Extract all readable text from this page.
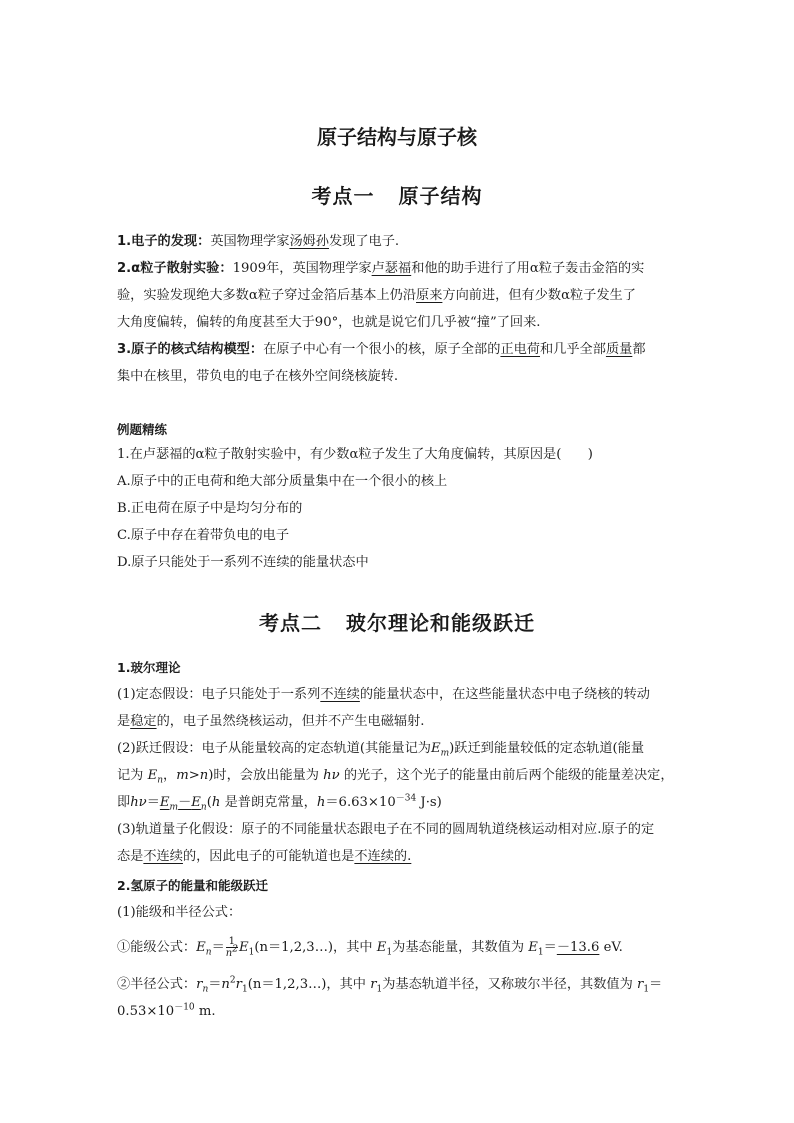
原子结构与原子核
考点一 原子结构
1.电子的发现：英国物理学家汤姆孙发现了电子.
2.α粒子散射实验：1909年，英国物理学家卢瑟福和他的助手进行了用α粒子轰击金箔的实
验，实验发现绝大多数α粒子穿过金箔后基本上仍沿原来方向前进，但有少数α粒子发生了
大角度偏转，偏转的角度甚至大于90°，也就是说它们几乎被“撞”了回来.
3.原子的核式结构模型：在原子中心有一个很小的核，原子全部的正电荷和几乎全部质量都
集中在核里，带负电的电子在核外空间绕核旋转.
例题精练
1.在卢瑟福的α粒子散射实验中，有少数α粒子发生了大角度偏转，其原因是(　　)
A.原子中的正电荷和绝大部分质量集中在一个很小的核上
B.正电荷在原子中是均匀分布的
C.原子中存在着带负电的电子
D.原子只能处于一系列不连续的能量状态中
考点二 玻尔理论和能级跃迁
1.玻尔理论
(1)定态假设：电子只能处于一系列不连续的能量状态中，在这些能量状态中电子绕核的转动
是稳定的，电子虽然绕核运动，但并不产生电磁辐射.
(2)跃迁假设：电子从能量较高的定态轨道(其能量记为$E_m$)跃迁到能量较低的定态轨道(能量
记为 $E_n$，m>n)时，会放出能量为 hν 的光子，这个光子的能量由前后两个能级的能量差决定，
即$h\nu=E_m-E_n(h$ 是普朗克常量，$h=6.63\times 10^{-34}$ J·s)
(3)轨道量子化假设：原子的不同能量状态跟电子在不同的圆周轨道绕核运动相对应.原子的定
态是不连续的，因此电子的可能轨道也是不连续的.
2.氢原子的能量和能级跃迁
(1)能级和半径公式：
①能级公式：$E_n= \frac{1}{n^2}$ $E_1(n=1,2,3\dots)$，其中 $E_1$为基态能量，其数值为 $E_1=-13.6$ eV.
②半径公式：$r_n=n^2r_1(n=1,2,3\dots)$，其中 $r_1$为基态轨道半径，又称玻尔半径，其数值为 $r_1=$
$0.53\times 10^{-10}$ m.
